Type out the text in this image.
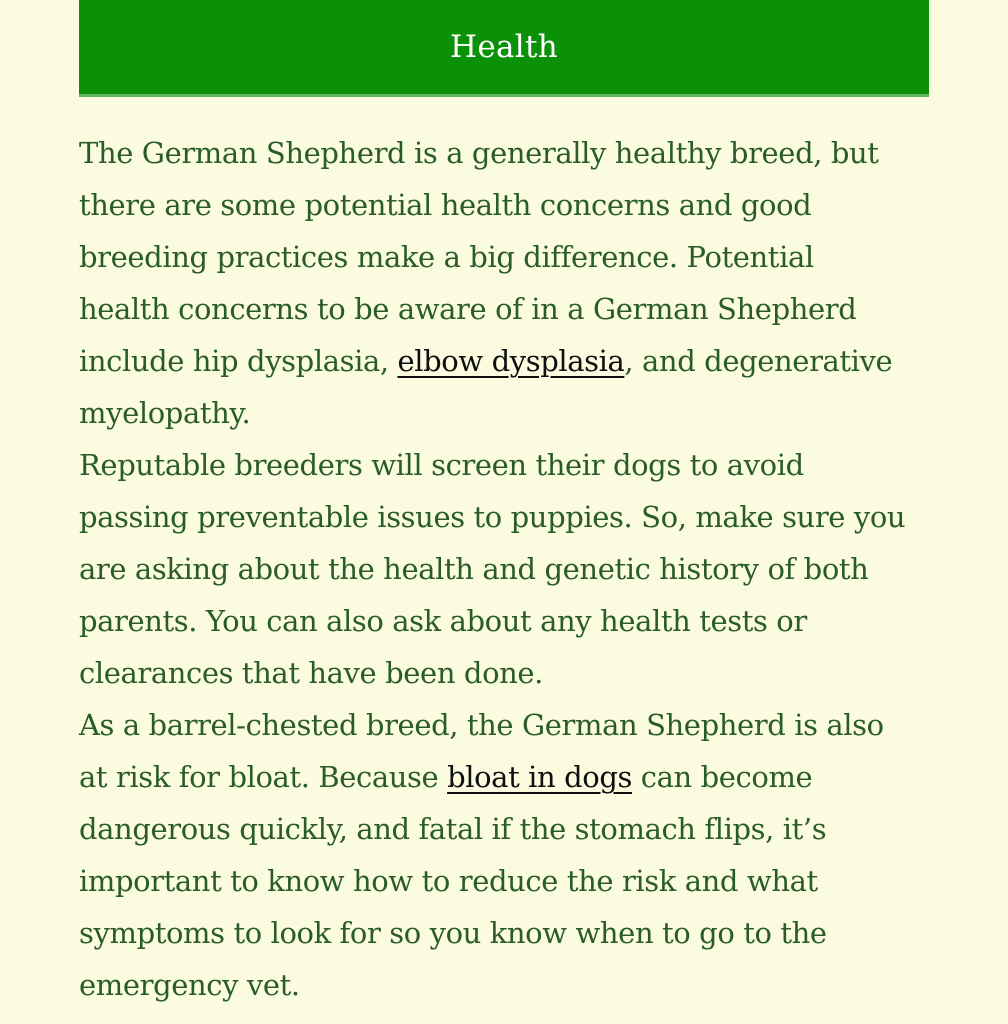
Health
The German Shepherd is a generally healthy breed, but
there are some potential health concerns and good
breeding practices make a big difference. Potential
health concerns to be aware of in a German Shepherd
include hip dysplasia, elbow dysplasia, and degenerative
myelopathy.
Reputable breeders will screen their dogs to avoid
passing preventable issues to puppies. So, make sure you
are asking about the health and genetic history of both
parents. You can also ask about any health tests or
clearances that have been done.
As a barrel-chested breed, the German Shepherd is also
at risk for bloat. Because bloat in dogs can become
dangerous quickly, and fatal if the stomach flips, it’s
important to know how to reduce the risk and what
symptoms to look for so you know when to go to the
emergency vet.
